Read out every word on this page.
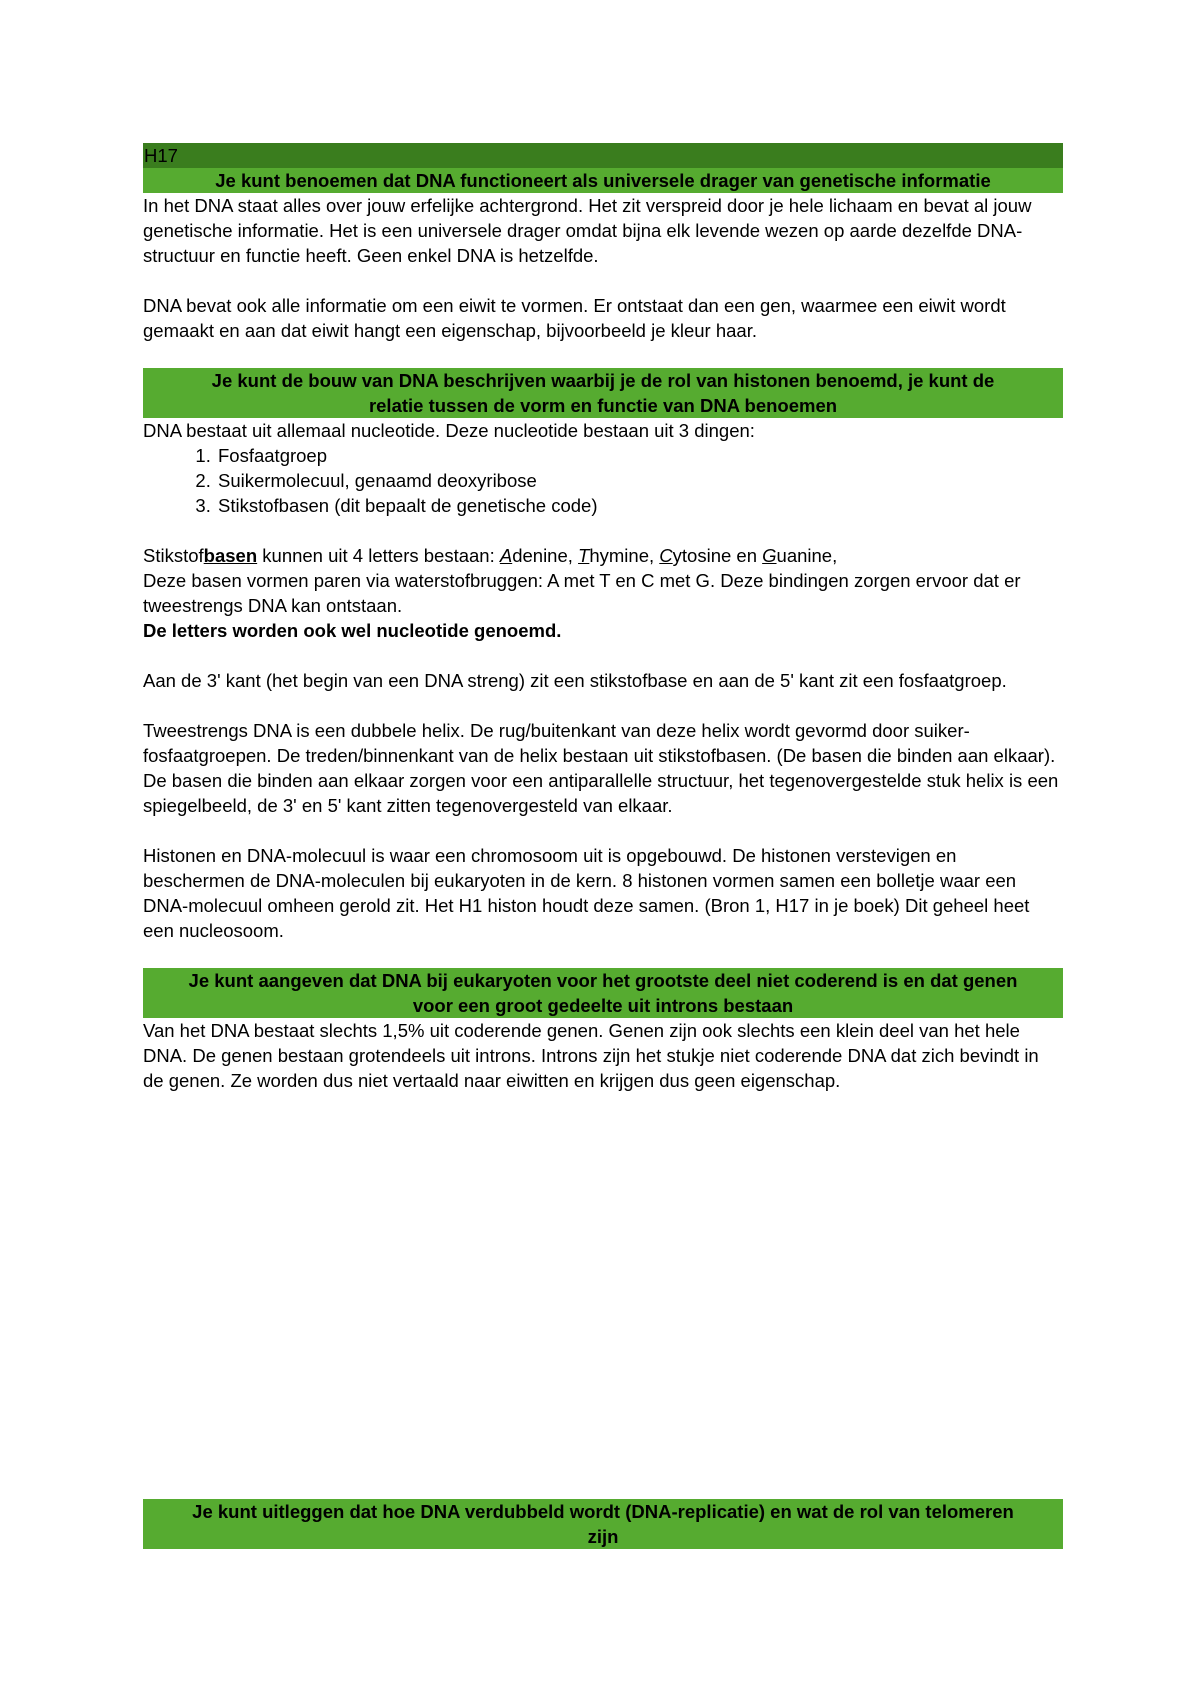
H17
Je kunt benoemen dat DNA functioneert als universele drager van genetische informatie

In het DNA staat alles over jouw erfelijke achtergrond. Het zit verspreid door je hele lichaam en bevat al jouw genetische informatie. Het is een universele drager omdat bijna elk levende wezen op aarde dezelfde DNA-structuur en functie heeft. Geen enkel DNA is hetzelfde.

DNA bevat ook alle informatie om een eiwit te vormen. Er ontstaat dan een gen, waarmee een eiwit wordt gemaakt en aan dat eiwit hangt een eigenschap, bijvoorbeeld je kleur haar.

Je kunt de bouw van DNA beschrijven waarbij je de rol van histonen benoemd, je kunt de
relatie tussen de vorm en functie van DNA benoemen

DNA bestaat uit allemaal nucleotide. Deze nucleotide bestaan uit 3 dingen:

1. Fosfaatgroep
2. Suikermolecuul, genaamd deoxyribose
3. Stikstofbasen (dit bepaalt de genetische code)

Stikstofbasen kunnen uit 4 letters bestaan: Adenine, Thymine, Cytosine en Guanine,

Deze basen vormen paren via waterstofbruggen: A met T en C met G. Deze bindingen zorgen ervoor dat er tweestrengs DNA kan ontstaan.

De letters worden ook wel nucleotide genoemd.

Aan de 3' kant (het begin van een DNA streng) zit een stikstofbase en aan de 5' kant zit een fosfaatgroep.

Tweestrengs DNA is een dubbele helix. De rug/buitenkant van deze helix wordt gevormd door suiker-fosfaatgroepen. De treden/binnenkant van de helix bestaan uit stikstofbasen. (De basen die binden aan elkaar). De basen die binden aan elkaar zorgen voor een antiparallelle structuur, het tegenovergestelde stuk helix is een spiegelbeeld, de 3' en 5' kant zitten tegenovergesteld van elkaar.

Histonen en DNA-molecuul is waar een chromosoom uit is opgebouwd. De histonen verstevigen en beschermen de DNA-moleculen bij eukaryoten in de kern. 8 histonen vormen samen een bolletje waar een DNA-molecuul omheen gerold zit. Het H1 histon houdt deze samen. (Bron 1, H17 in je boek) Dit geheel heet een nucleosoom.

Je kunt aangeven dat DNA bij eukaryoten voor het grootste deel niet coderend is en dat genen
voor een groot gedeelte uit introns bestaan

Van het DNA bestaat slechts 1,5% uit coderende genen. Genen zijn ook slechts een klein deel van het hele DNA. De genen bestaan grotendeels uit introns. Introns zijn het stukje niet coderende DNA dat zich bevindt in de genen. Ze worden dus niet vertaald naar eiwitten en krijgen dus geen eigenschap.

Je kunt uitleggen dat hoe DNA verdubbeld wordt (DNA-replicatie) en wat de rol van telomeren
zijn
